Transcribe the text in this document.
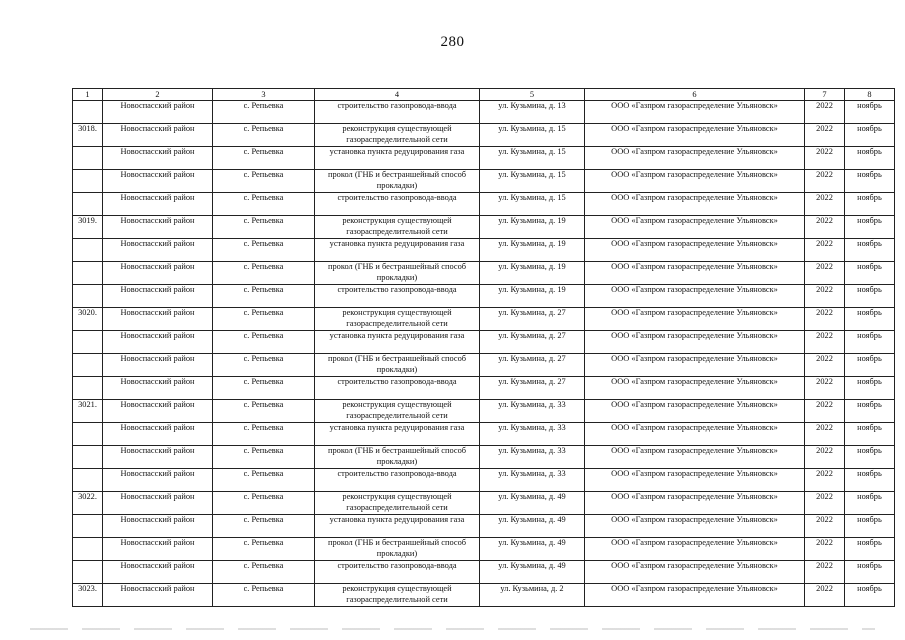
280
1	2	3	4	5	6	7	8
	Новоспасский район	с. Репьевка	строительство газопровода-ввода	ул. Кузьмина, д. 13	ООО «Газпром газораспределение Ульяновск»	2022	ноябрь
3018.	Новоспасский район	с. Репьевка	реконструкция существующей газораспределительной сети	ул. Кузьмина, д. 15	ООО «Газпром газораспределение Ульяновск»	2022	ноябрь
	Новоспасский район	с. Репьевка	установка пункта редуцирования газа	ул. Кузьмина, д. 15	ООО «Газпром газораспределение Ульяновск»	2022	ноябрь
	Новоспасский район	с. Репьевка	прокол (ГНБ и бестраншейный способ прокладки)	ул. Кузьмина, д. 15	ООО «Газпром газораспределение Ульяновск»	2022	ноябрь
	Новоспасский район	с. Репьевка	строительство газопровода-ввода	ул. Кузьмина, д. 15	ООО «Газпром газораспределение Ульяновск»	2022	ноябрь
3019.	Новоспасский район	с. Репьевка	реконструкция существующей газораспределительной сети	ул. Кузьмина, д. 19	ООО «Газпром газораспределение Ульяновск»	2022	ноябрь
	Новоспасский район	с. Репьевка	установка пункта редуцирования газа	ул. Кузьмина, д. 19	ООО «Газпром газораспределение Ульяновск»	2022	ноябрь
	Новоспасский район	с. Репьевка	прокол (ГНБ и бестраншейный способ прокладки)	ул. Кузьмина, д. 19	ООО «Газпром газораспределение Ульяновск»	2022	ноябрь
	Новоспасский район	с. Репьевка	строительство газопровода-ввода	ул. Кузьмина, д. 19	ООО «Газпром газораспределение Ульяновск»	2022	ноябрь
3020.	Новоспасский район	с. Репьевка	реконструкция существующей газораспределительной сети	ул. Кузьмина, д. 27	ООО «Газпром газораспределение Ульяновск»	2022	ноябрь
	Новоспасский район	с. Репьевка	установка пункта редуцирования газа	ул. Кузьмина, д. 27	ООО «Газпром газораспределение Ульяновск»	2022	ноябрь
	Новоспасский район	с. Репьевка	прокол (ГНБ и бестраншейный способ прокладки)	ул. Кузьмина, д. 27	ООО «Газпром газораспределение Ульяновск»	2022	ноябрь
	Новоспасский район	с. Репьевка	строительство газопровода-ввода	ул. Кузьмина, д. 27	ООО «Газпром газораспределение Ульяновск»	2022	ноябрь
3021.	Новоспасский район	с. Репьевка	реконструкция существующей газораспределительной сети	ул. Кузьмина, д. 33	ООО «Газпром газораспределение Ульяновск»	2022	ноябрь
	Новоспасский район	с. Репьевка	установка пункта редуцирования газа	ул. Кузьмина, д. 33	ООО «Газпром газораспределение Ульяновск»	2022	ноябрь
	Новоспасский район	с. Репьевка	прокол (ГНБ и бестраншейный способ прокладки)	ул. Кузьмина, д. 33	ООО «Газпром газораспределение Ульяновск»	2022	ноябрь
	Новоспасский район	с. Репьевка	строительство газопровода-ввода	ул. Кузьмина, д. 33	ООО «Газпром газораспределение Ульяновск»	2022	ноябрь
3022.	Новоспасский район	с. Репьевка	реконструкция существующей газораспределительной сети	ул. Кузьмина, д. 49	ООО «Газпром газораспределение Ульяновск»	2022	ноябрь
	Новоспасский район	с. Репьевка	установка пункта редуцирования газа	ул. Кузьмина, д. 49	ООО «Газпром газораспределение Ульяновск»	2022	ноябрь
	Новоспасский район	с. Репьевка	прокол (ГНБ и бестраншейный способ прокладки)	ул. Кузьмина, д. 49	ООО «Газпром газораспределение Ульяновск»	2022	ноябрь
	Новоспасский район	с. Репьевка	строительство газопровода-ввода	ул. Кузьмина, д. 49	ООО «Газпром газораспределение Ульяновск»	2022	ноябрь
3023.	Новоспасский район	с. Репьевка	реконструкция существующей газораспределительной сети	ул. Кузьмина, д. 2	ООО «Газпром газораспределение Ульяновск»	2022	ноябрь
